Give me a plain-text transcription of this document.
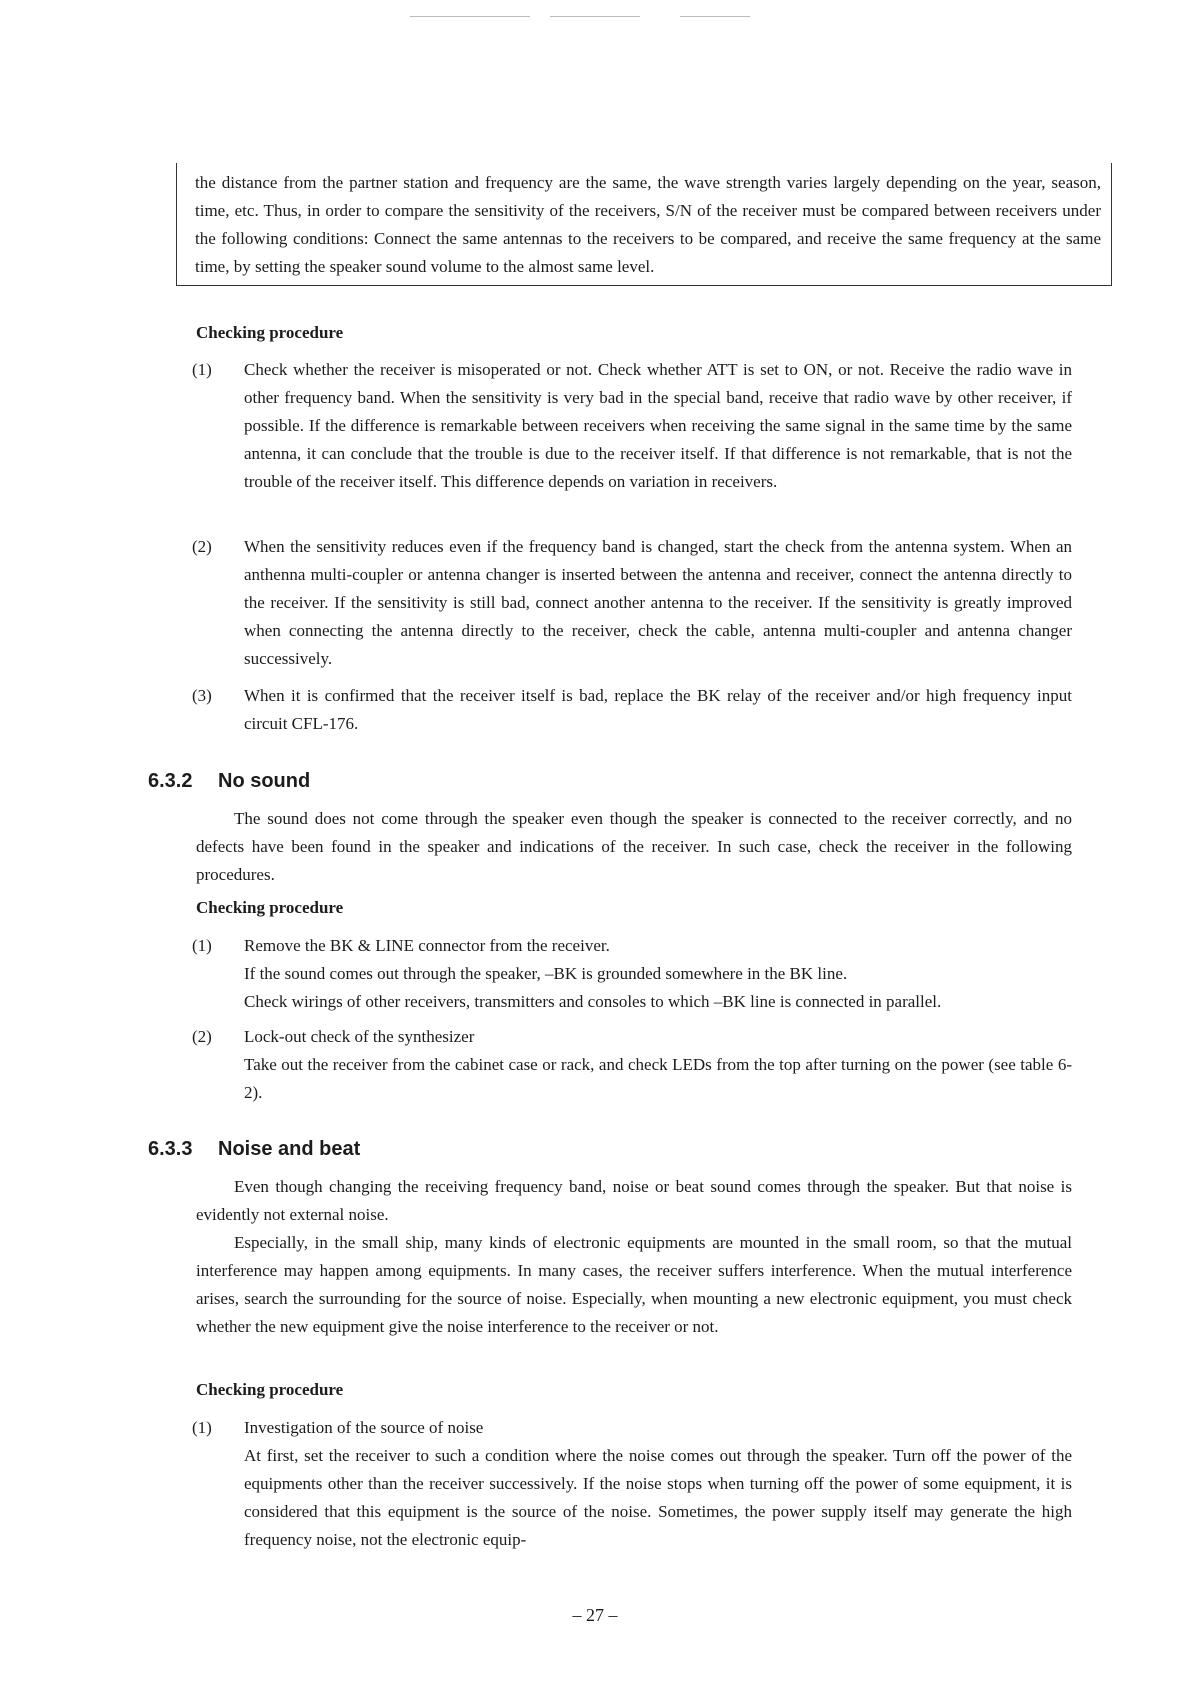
the distance from the partner station and frequency are the same, the wave strength varies largely depending on the year, season, time, etc. Thus, in order to compare the sensitivity of the receivers, S/N of the receiver must be compared between receivers under the following conditions: Connect the same antennas to the receivers to be compared, and receive the same frequency at the same time, by setting the speaker sound volume to the almost same level.
Checking procedure
(1)	Check whether the receiver is misoperated or not. Check whether ATT is set to ON, or not. Receive the radio wave in other frequency band. When the sensitivity is very bad in the special band, receive that radio wave by other receiver, if possible. If the difference is remarkable between receivers when receiving the same signal in the same time by the same antenna, it can conclude that the trouble is due to the receiver itself. If that difference is not remarkable, that is not the trouble of the receiver itself. This difference depends on variation in receivers.
(2)	When the sensitivity reduces even if the frequency band is changed, start the check from the antenna system. When an anthenna multi-coupler or antenna changer is inserted between the antenna and receiver, connect the antenna directly to the receiver. If the sensitivity is still bad, connect another antenna to the receiver. If the sensitivity is greatly improved when connecting the antenna directly to the receiver, check the cable, antenna multi-coupler and antenna changer successively.
(3)	When it is confirmed that the receiver itself is bad, replace the BK relay of the receiver and/or high frequency input circuit CFL-176.
6.3.2 No sound
The sound does not come through the speaker even though the speaker is connected to the receiver correctly, and no defects have been found in the speaker and indications of the receiver. In such case, check the receiver in the following procedures.
Checking procedure
(1)	Remove the BK & LINE connector from the receiver.
If the sound comes out through the speaker, –BK is grounded somewhere in the BK line.
Check wirings of other receivers, transmitters and consoles to which –BK line is connected in parallel.
(2)	Lock-out check of the synthesizer
Take out the receiver from the cabinet case or rack, and check LEDs from the top after turning on the power (see table 6-2).
6.3.3 Noise and beat
Even though changing the receiving frequency band, noise or beat sound comes through the speaker. But that noise is evidently not external noise.
Especially, in the small ship, many kinds of electronic equipments are mounted in the small room, so that the mutual interference may happen among equipments. In many cases, the receiver suffers interference. When the mutual interference arises, search the surrounding for the source of noise. Especially, when mounting a new electronic equipment, you must check whether the new equipment give the noise interference to the receiver or not.
Checking procedure
(1)	Investigation of the source of noise
At first, set the receiver to such a condition where the noise comes out through the speaker. Turn off the power of the equipments other than the receiver successively. If the noise stops when turning off the power of some equipment, it is considered that this equipment is the source of the noise. Sometimes, the power supply itself may generate the high frequency noise, not the electronic equip-
– 27 –
